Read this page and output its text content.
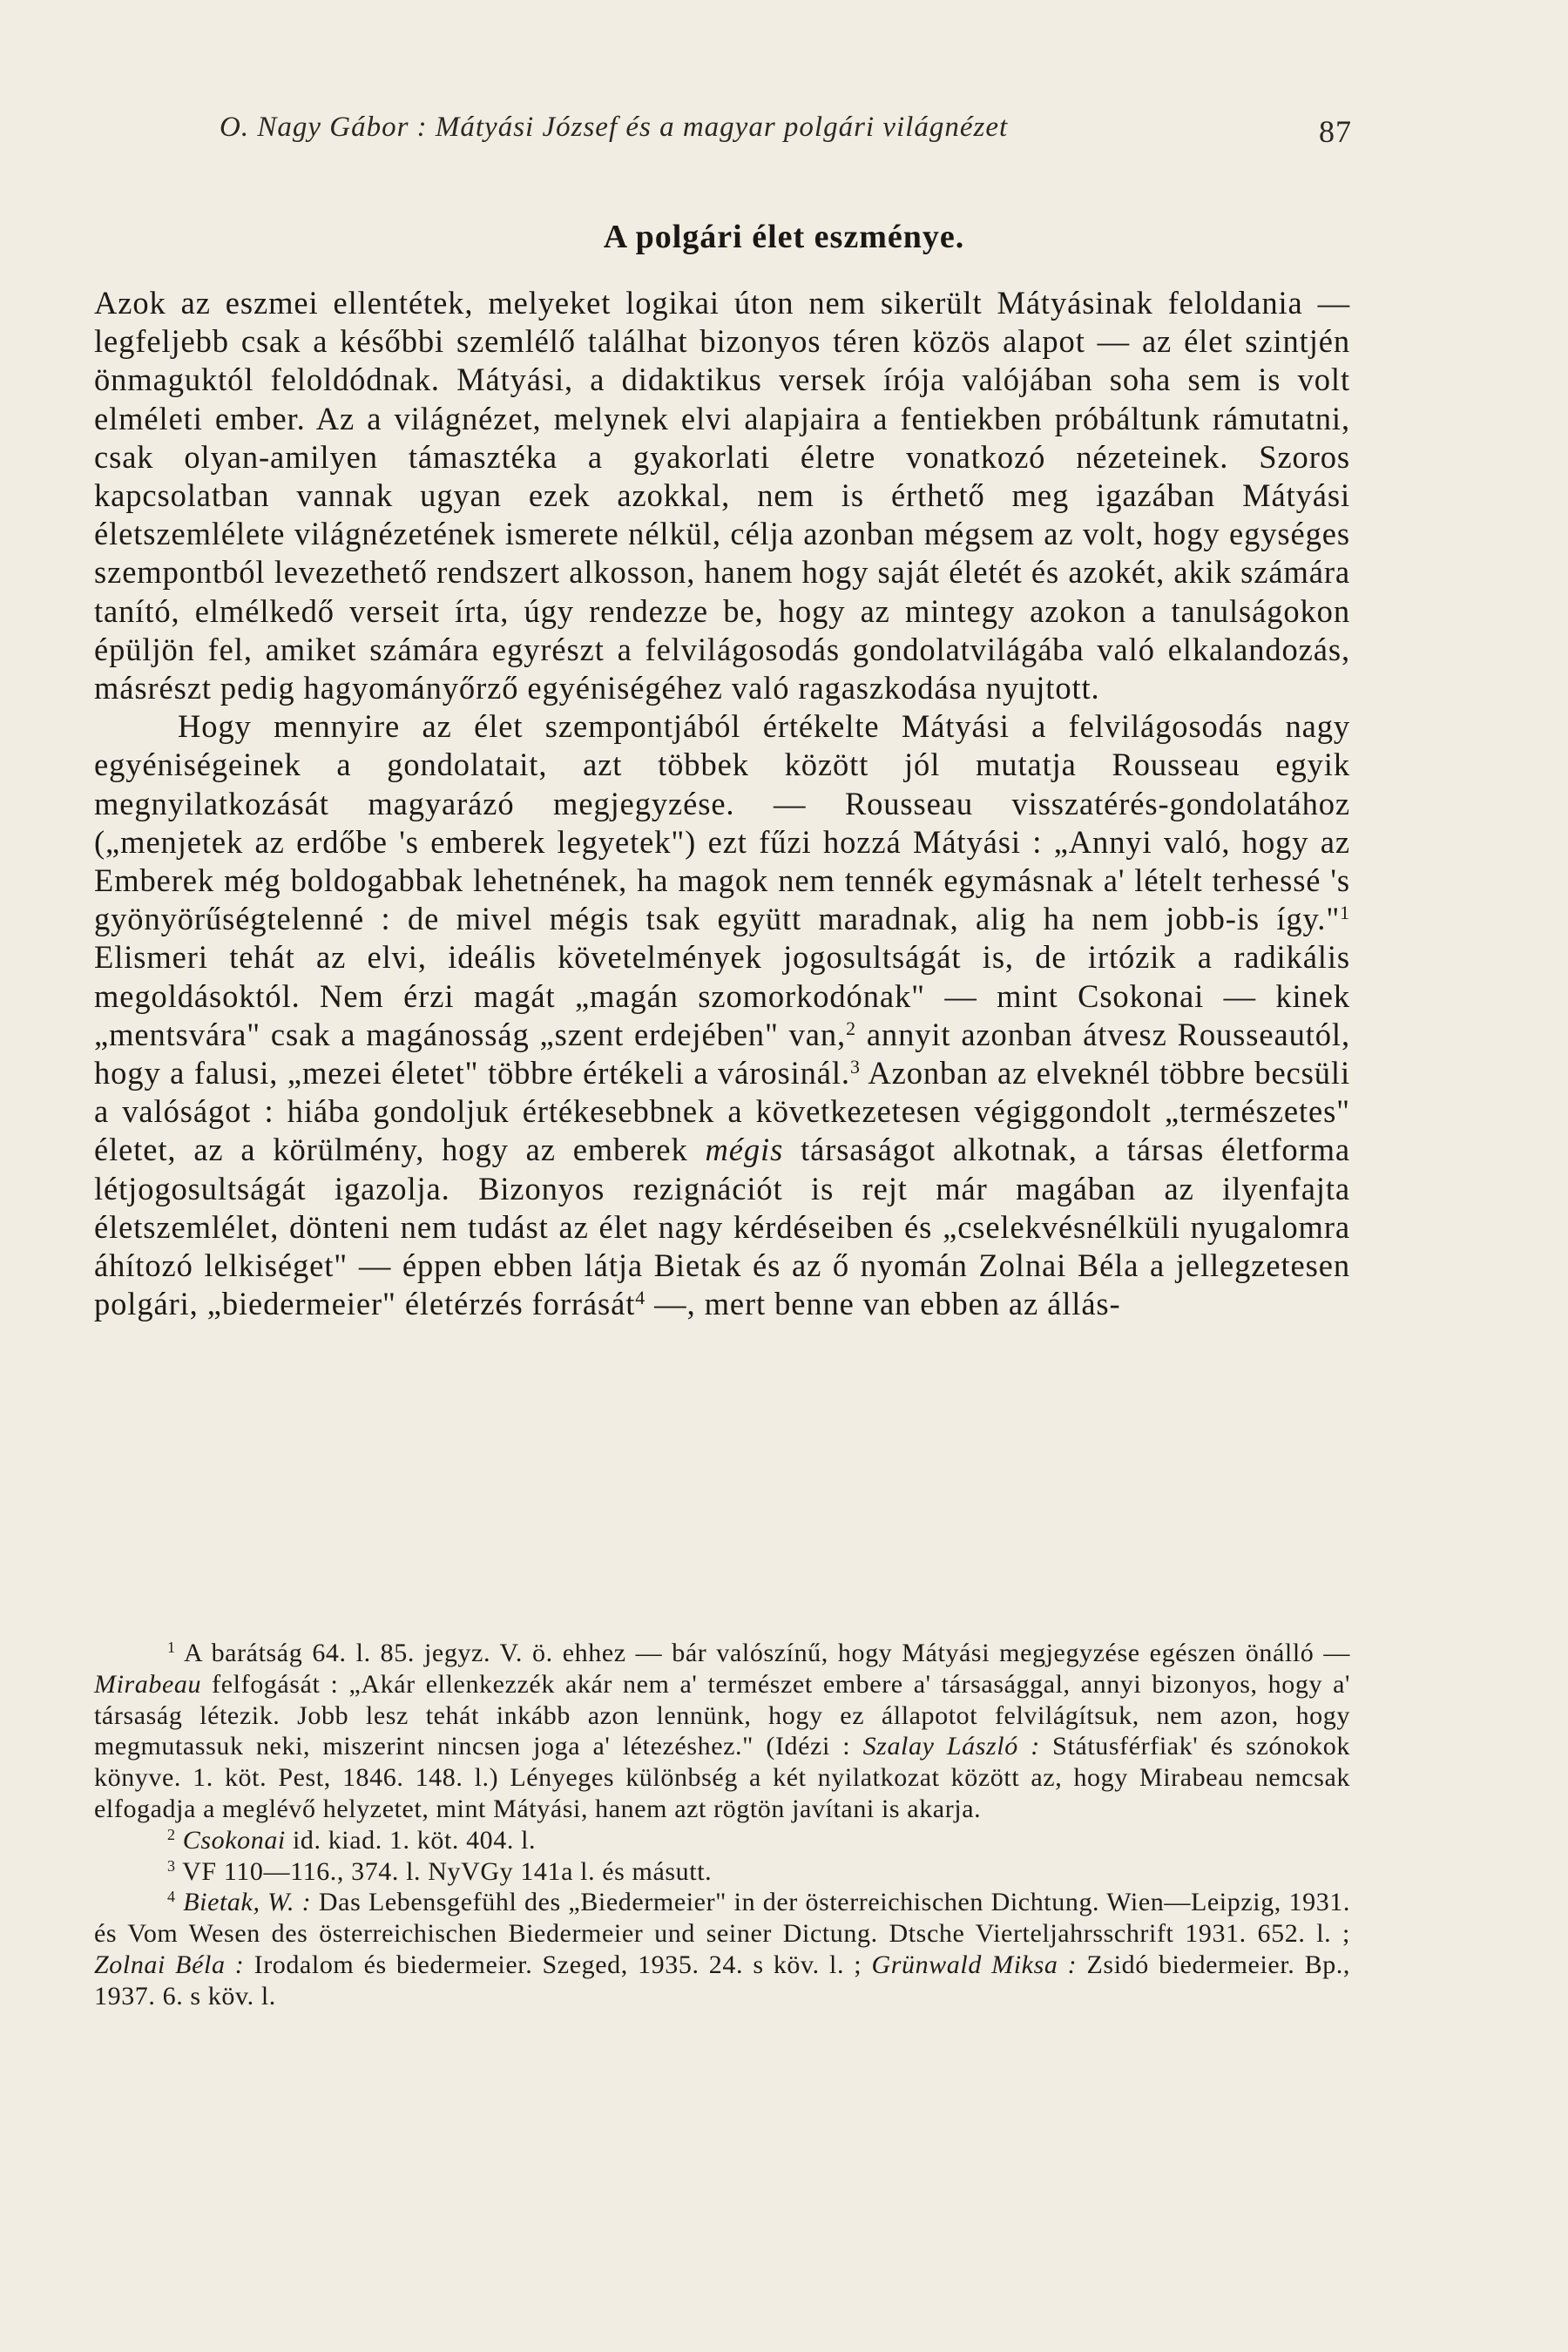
O. Nagy Gábor : Mátyási József és a magyar polgári világnézet	87
A polgári élet eszménye.

Azok az eszmei ellentétek, melyeket logikai úton nem sikerült Mátyásinak feloldania — legfeljebb csak a későbbi szemlélő találhat bizonyos téren közös alapot — az élet szintjén önmaguktól feloldódnak. Mátyási, a didaktikus versek írója valójában soha sem is volt elméleti ember. Az a világnézet, melynek elvi alapjaira a fentiekben próbáltunk rámutatni, csak olyan-amilyen támasztéka a gyakorlati életre vonatkozó nézeteinek. Szoros kapcsolatban vannak ugyan ezek azokkal, nem is érthető meg igazában Mátyási életszemlélete világnézetének ismerete nélkül, célja azonban mégsem az volt, hogy egységes szempontból levezethető rendszert alkosson, hanem hogy saját életét és azokét, akik számára tanító, elmélkedő verseit írta, úgy rendezze be, hogy az mintegy azokon a tanulságokon épüljön fel, amiket számára egyrészt a felvilágosodás gondolatvilágába való elkalandozás, másrészt pedig hagyományőrző egyéniségéhez való ragaszkodása nyujtott.

Hogy mennyire az élet szempontjából értékelte Mátyási a felvilágosodás nagy egyéniségeinek a gondolatait, azt többek között jól mutatja Rousseau egyik megnyilatkozását magyarázó megjegyzése. — Rousseau visszatérés-gondolatához („menjetek az erdőbe 's emberek legyetek") ezt fűzi hozzá Mátyási : „Annyi való, hogy az Emberek még boldogabbak lehetnének, ha magok nem tennék egymásnak a' lételt terhessé 's gyönyörűségtelenné : de mivel mégis tsak együtt maradnak, alig ha nem jobb-is így."$^1$ Elismeri tehát az elvi, ideális követelmények jogosultságát is, de irtózik a radikális megoldásoktól. Nem érzi magát „magán szomorkodónak" — mint Csokonai — kinek „mentsvára" csak a magánosság „szent erdejében" van,$^2$ annyit azonban átvesz Rousseautól, hogy a falusi, „mezei életet" többre értékeli a városinál.$^3$ Azonban az elveknél többre becsüli a valóságot : hiába gondoljuk értékesebbnek a következetesen végiggondolt „természetes" életet, az a körülmény, hogy az emberek mégis társaságot alkotnak, a társas életforma létjogosultságát igazolja. Bizonyos rezignációt is rejt már magában az ilyenfajta életszemlélet, dönteni nem tudást az élet nagy kérdéseiben és „cselekvésnélküli nyugalomra áhítozó lelkiséget" — éppen ebben látja Bietak és az ő nyomán Zolnai Béla a jellegzetesen polgári, „biedermeier" életérzés forrását$^4$ —, mert benne van ebben az állás-

$^1$ A barátság 64. l. 85. jegyz. V. ö. ehhez — bár valószínű, hogy Mátyási megjegyzése egészen önálló — Mirabeau felfogását : „Akár ellenkezzék akár nem a' természet embere a' társasággal, annyi bizonyos, hogy a' társaság létezik. Jobb lesz tehát inkább azon lennünk, hogy ez állapotot felvilágítsuk, nem azon, hogy megmutassuk neki, miszerint nincsen joga a' létezéshez." (Idézi : Szalay László : Státusférfiak' és szónokok könyve. 1. köt. Pest, 1846. 148. l.) Lényeges különbség a két nyilatkozat között az, hogy Mirabeau nemcsak elfogadja a meglévő helyzetet, mint Mátyási, hanem azt rögtön javítani is akarja.

$^2$ Csokonai id. kiad. 1. köt. 404. l.

$^3$ VF 110—116., 374. l. NyVGy 141a l. és másutt.

$^4$ Bietak, W. : Das Lebensgefühl des „Biedermeier" in der österreichischen Dichtung. Wien—Leipzig, 1931. és Vom Wesen des österreichischen Biedermeier und seiner Dictung. Dtsche Vierteljahrsschrift 1931. 652. l. ; Zolnai Béla : Irodalom és biedermeier. Szeged, 1935. 24. s köv. l. ; Grünwald Miksa : Zsidó biedermeier. Bp., 1937. 6. s köv. l.
